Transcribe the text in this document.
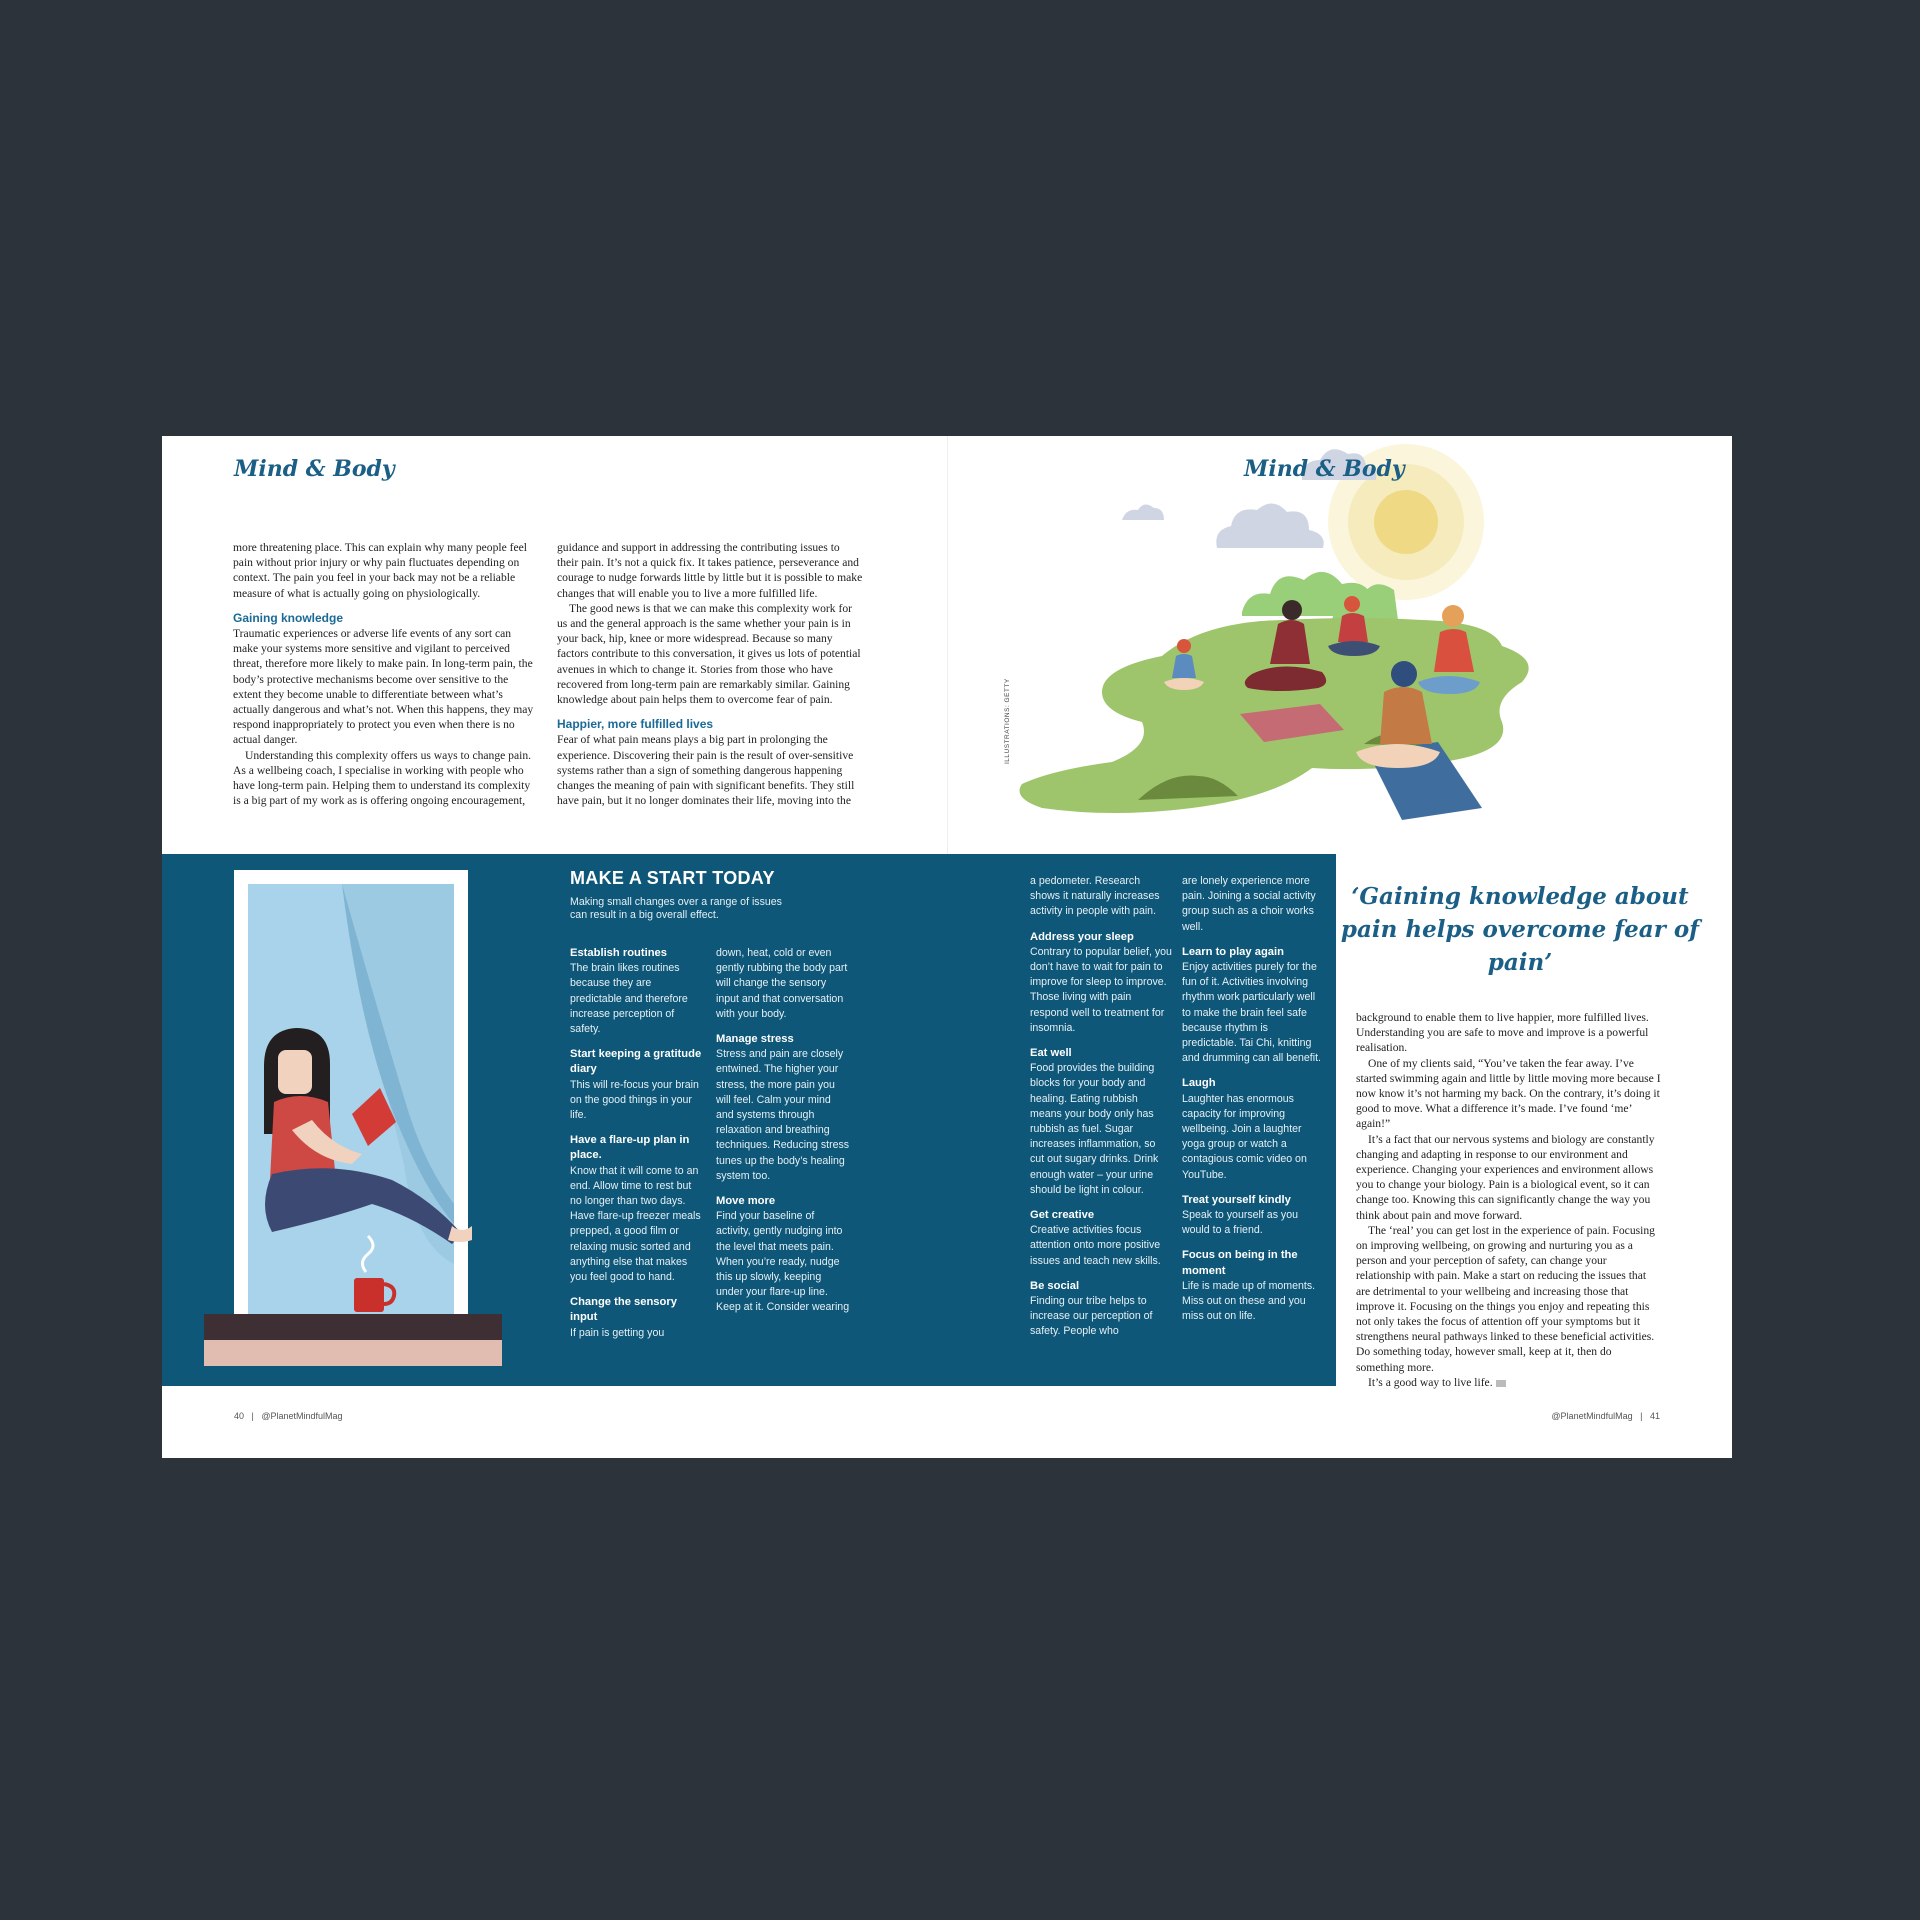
Mind & Body

more threatening place. This can explain why many people feel pain without prior injury or why pain fluctuates depending on context. The pain you feel in your back may not be a reliable measure of what is actually going on physiologically.

Gaining knowledge

Traumatic experiences or adverse life events of any sort can make your systems more sensitive and vigilant to perceived threat, therefore more likely to make pain. In long-term pain, the body’s protective mechanisms become over sensitive to the extent they become unable to differentiate between what’s actually dangerous and what’s not. When this happens, they may respond inappropriately to protect you even when there is no actual danger.

Understanding this complexity offers us ways to change pain. As a wellbeing coach, I specialise in working with people who have long-term pain. Helping them to understand its complexity is a big part of my work as is offering ongoing encouragement,

guidance and support in addressing the contributing issues to their pain. It’s not a quick fix. It takes patience, perseverance and courage to nudge forwards little by little but it is possible to make changes that will enable you to live a more fulfilled life.

The good news is that we can make this complexity work for us and the general approach is the same whether your pain is in your back, hip, knee or more widespread. Because so many factors contribute to this conversation, it gives us lots of potential avenues in which to change it. Stories from those who have recovered from long-term pain are remarkably similar. Gaining knowledge about pain helps them to overcome fear of pain.

Happier, more fulfilled lives

Fear of what pain means plays a big part in prolonging the experience. Discovering their pain is the result of over-sensitive systems rather than a sign of something dangerous happening changes the meaning of pain with significant benefits. They still have pain, but it no longer dominates their life, moving into the

ILLUSTRATIONS: GETTY
Mind & Body
MAKE A START TODAY
Making small changes over a range of issues can result in a big overall effect.
Establish routines
The brain likes routines because they are predictable and therefore increase perception of safety.
Start keeping a gratitude diary
This will re-focus your brain on the good things in your life.
Have a flare-up plan in place.
Know that it will come to an end. Allow time to rest but no longer than two days. Have flare-up freezer meals prepped, a good film or relaxing music sorted and anything else that makes you feel good to hand.
Change the sensory input
If pain is getting you
down, heat, cold or even gently rubbing the body part will change the sensory input and that conversation with your body.
Manage stress
Stress and pain are closely entwined. The higher your stress, the more pain you will feel. Calm your mind and systems through relaxation and breathing techniques. Reducing stress tunes up the body’s healing system too.
Move more
Find your baseline of activity, gently nudging into the level that meets pain. When you’re ready, nudge this up slowly, keeping under your flare-up line. Keep at it. Consider wearing
a pedometer. Research shows it naturally increases activity in people with pain.
Address your sleep
Contrary to popular belief, you don’t have to wait for pain to improve for sleep to improve. Those living with pain respond well to treatment for insomnia.
Eat well
Food provides the building blocks for your body and healing. Eating rubbish means your body only has rubbish as fuel. Sugar increases inflammation, so cut out sugary drinks. Drink enough water – your urine should be light in colour.
Get creative
Creative activities focus attention onto more positive issues and teach new skills.
Be social
Finding our tribe helps to increase our perception of safety. People who
are lonely experience more pain. Joining a social activity group such as a choir works well.
Learn to play again
Enjoy activities purely for the fun of it. Activities involving rhythm work particularly well to make the brain feel safe because rhythm is predictable. Tai Chi, knitting and drumming can all benefit.
Laugh
Laughter has enormous capacity for improving wellbeing. Join a laughter yoga group or watch a contagious comic video on YouTube.
Treat yourself kindly
Speak to yourself as you would to a friend.
Focus on being in the moment
Life is made up of moments. Miss out on these and you miss out on life.
‘Gaining knowledge about pain helps overcome fear of pain’

background to enable them to live happier, more fulfilled lives. Understanding you are safe to move and improve is a powerful realisation.

One of my clients said, “You’ve taken the fear away. I’ve started swimming again and little by little moving more because I now know it’s not harming my back. On the contrary, it’s doing it good to move. What a difference it’s made. I’ve found ‘me’ again!”

It’s a fact that our nervous systems and biology are constantly changing and adapting in response to our environment and experience. Changing your experiences and environment allows you to change your biology. Pain is a biological event, so it can change too. Knowing this can significantly change the way you think about pain and move forward.

The ‘real’ you can get lost in the experience of pain. Focusing on improving wellbeing, on growing and nurturing you as a person and your perception of safety, can change your relationship with pain. Make a start on reducing the issues that are detrimental to your wellbeing and increasing those that improve it. Focusing on the things you enjoy and repeating this not only takes the focus of attention off your symptoms but it strengthens neural pathways linked to these beneficial activities. Do something today, however small, keep at it, then do something more.

It’s a good way to live life.

40 | @PlanetMindfulMag	@PlanetMindfulMag | 41
